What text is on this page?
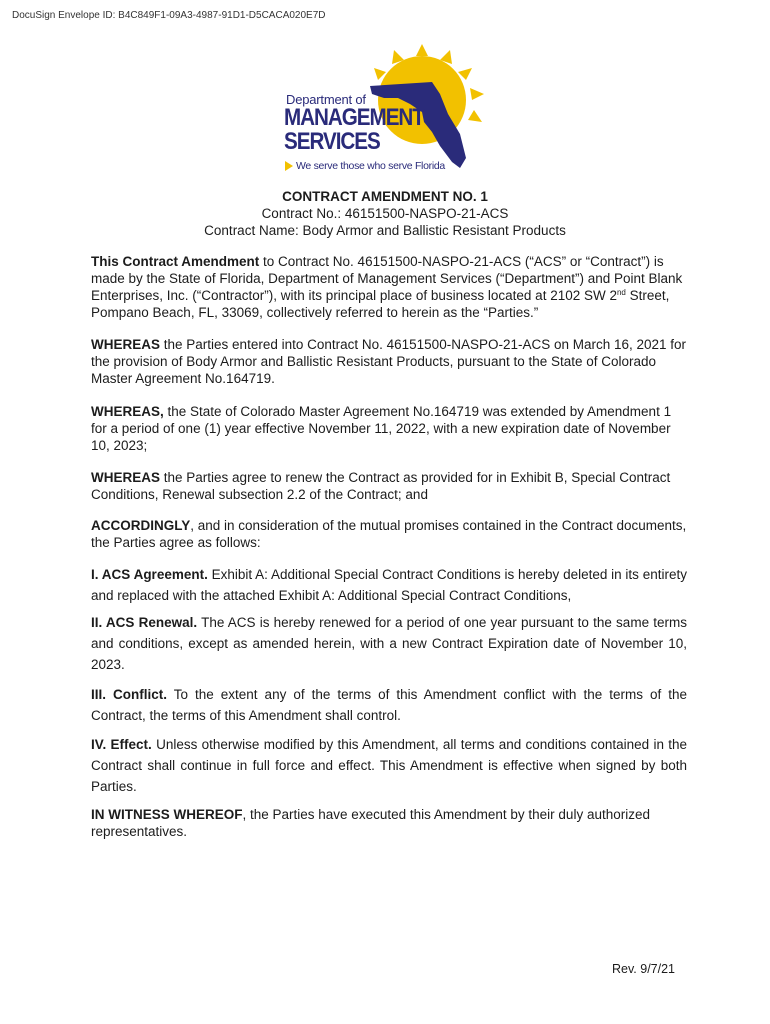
DocuSign Envelope ID: B4C849F1-09A3-4987-91D1-D5CACA020E7D
Department of
MANAGEMENT
SERVICES
We serve those who serve Florida
CONTRACT AMENDMENT NO. 1
Contract No.: 46151500-NASPO-21-ACS
Contract Name: Body Armor and Ballistic Resistant Products
This Contract Amendment to Contract No. 46151500-NASPO-21-ACS (“ACS” or “Contract”) is made by the State of Florida, Department of Management Services (“Department”) and Point Blank Enterprises, Inc. (“Contractor”), with its principal place of business located at 2102 SW 2nd Street, Pompano Beach, FL, 33069, collectively referred to herein as the “Parties.”
WHEREAS the Parties entered into Contract No. 46151500-NASPO-21-ACS on March 16, 2021 for the provision of Body Armor and Ballistic Resistant Products, pursuant to the State of Colorado Master Agreement No.164719.
WHEREAS, the State of Colorado Master Agreement No.164719 was extended by Amendment 1 for a period of one (1) year effective November 11, 2022, with a new expiration date of November 10, 2023;
WHEREAS the Parties agree to renew the Contract as provided for in Exhibit B, Special Contract Conditions, Renewal subsection 2.2 of the Contract; and
ACCORDINGLY, and in consideration of the mutual promises contained in the Contract documents, the Parties agree as follows:
I. ACS Agreement. Exhibit A: Additional Special Contract Conditions is hereby deleted in its entirety and replaced with the attached Exhibit A: Additional Special Contract Conditions,
II. ACS Renewal. The ACS is hereby renewed for a period of one year pursuant to the same terms and conditions, except as amended herein, with a new Contract Expiration date of November 10, 2023.
III. Conflict. To the extent any of the terms of this Amendment conflict with the terms of the Contract, the terms of this Amendment shall control.
IV. Effect. Unless otherwise modified by this Amendment, all terms and conditions contained in the Contract shall continue in full force and effect. This Amendment is effective when signed by both Parties.
IN WITNESS WHEREOF, the Parties have executed this Amendment by their duly authorized representatives.
Rev. 9/7/21
